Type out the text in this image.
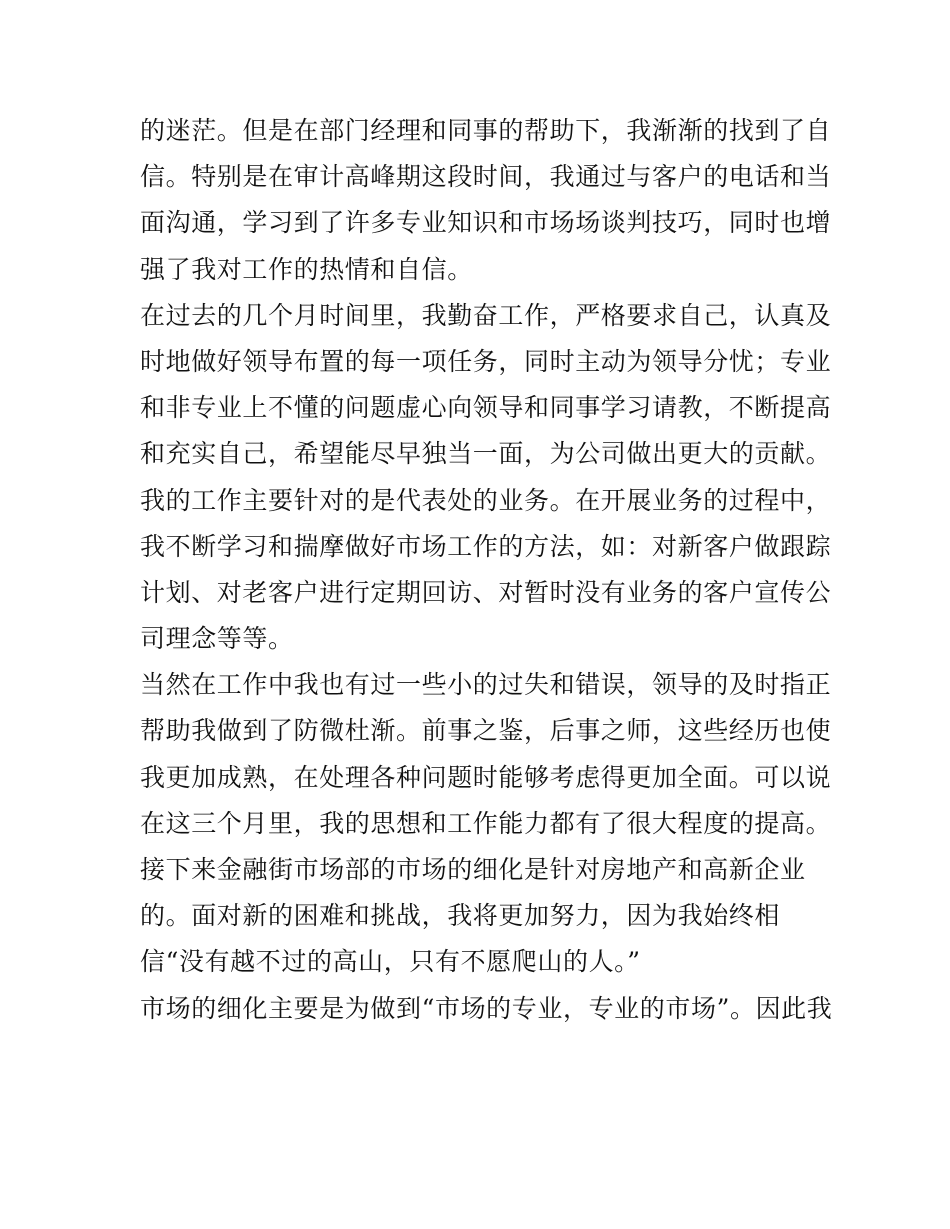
的迷茫。但是在部门经理和同事的帮助下，我渐渐的找到了自
信。特别是在审计高峰期这段时间，我通过与客户的电话和当
面沟通，学习到了许多专业知识和市场场谈判技巧，同时也增
强了我对工作的热情和自信。
在过去的几个月时间里，我勤奋工作，严格要求自己，认真及
时地做好领导布置的每一项任务，同时主动为领导分忧；专业
和非专业上不懂的问题虚心向领导和同事学习请教，不断提高
和充实自己，希望能尽早独当一面，为公司做出更大的贡献。
我的工作主要针对的是代表处的业务。在开展业务的过程中，
我不断学习和揣摩做好市场工作的方法，如：对新客户做跟踪
计划、对老客户进行定期回访、对暂时没有业务的客户宣传公
司理念等等。
当然在工作中我也有过一些小的过失和错误，领导的及时指正
帮助我做到了防微杜渐。前事之鉴，后事之师，这些经历也使
我更加成熟，在处理各种问题时能够考虑得更加全面。可以说
在这三个月里，我的思想和工作能力都有了很大程度的提高。
接下来金融街市场部的市场的细化是针对房地产和高新企业
的。面对新的困难和挑战，我将更加努力，因为我始终相
信“没有越不过的高山，只有不愿爬山的人。”
市场的细化主要是为做到“市场的专业，专业的市场”。因此我
